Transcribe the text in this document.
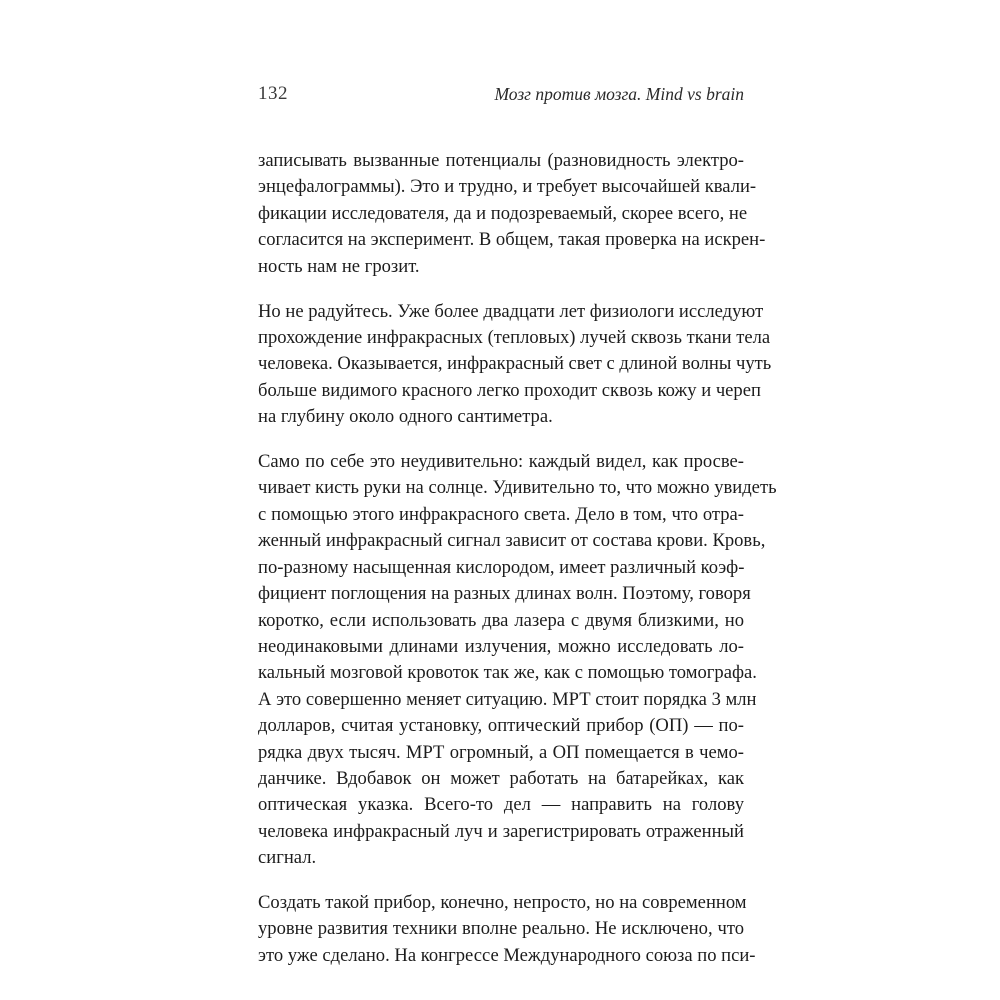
132	Мозг против мозга. Mind vs brain
записывать вызванные потенциалы (разновидность электро-
энцефалограммы). Это и трудно, и требует высочайшей квали-
фикации исследователя, да и подозреваемый, скорее всего, не
согласится на эксперимент. В общем, такая проверка на искрен-
ность нам не грозит.
Но не радуйтесь. Уже более двадцати лет физиологи исследуют
прохождение инфракрасных (тепловых) лучей сквозь ткани тела
человека. Оказывается, инфракрасный свет с длиной волны чуть
больше видимого красного легко проходит сквозь кожу и череп
на глубину около одного сантиметра.
Само по себе это неудивительно: каждый видел, как просве-
чивает кисть руки на солнце. Удивительно то, что можно увидеть
с помощью этого инфракрасного света. Дело в том, что отра-
женный инфракрасный сигнал зависит от состава крови. Кровь,
по-разному насыщенная кислородом, имеет различный коэф-
фициент поглощения на разных длинах волн. Поэтому, говоря
коротко, если использовать два лазера с двумя близкими, но
неодинаковыми длинами излучения, можно исследовать ло-
кальный мозговой кровоток так же, как с помощью томографа.
А это совершенно меняет ситуацию. МРТ стоит порядка 3 млн
долларов, считая установку, оптический прибор (ОП) — по-
рядка двух тысяч. МРТ огромный, а ОП помещается в чемо-
данчике. Вдобавок он может работать на батарейках, как
оптическая указка. Всего-то дел — направить на голову
человека инфракрасный луч и зарегистрировать отраженный
сигнал.
Создать такой прибор, конечно, непросто, но на современном
уровне развития техники вполне реально. Не исключено, что
это уже сделано. На конгрессе Международного союза по пси-
